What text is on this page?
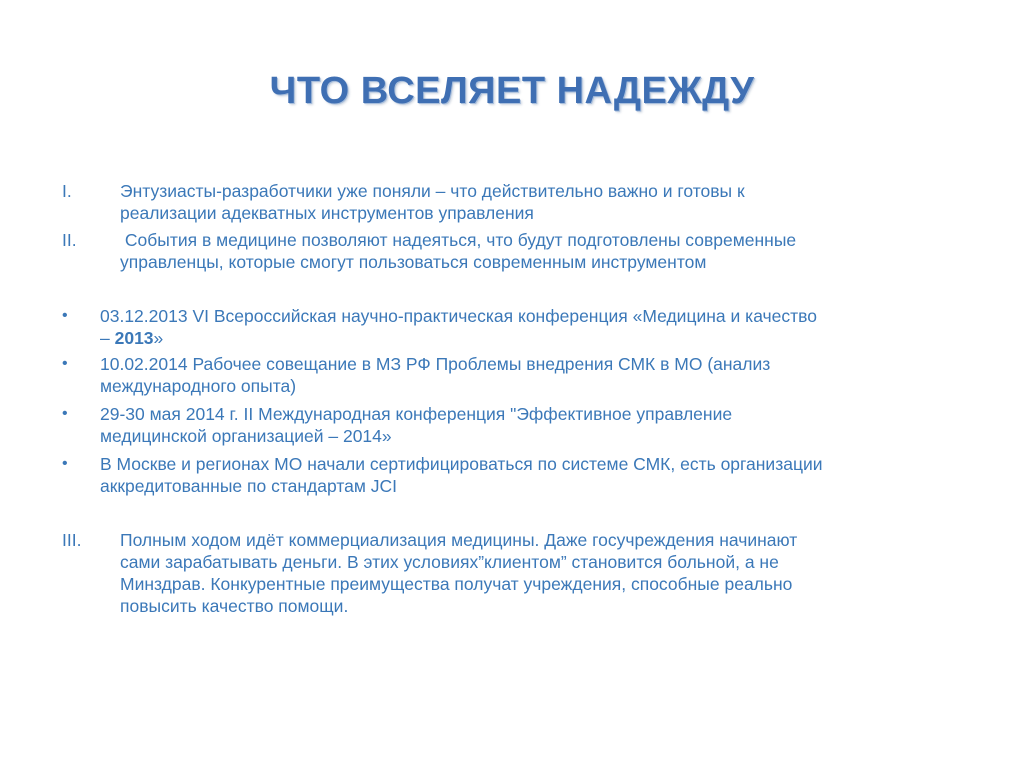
ЧТО ВСЕЛЯЕТ НАДЕЖДУ
I.	Энтузиасты-разработчики уже поняли – что действительно важно и готовы к
реализации адекватных инструментов управления
II. События в медицине позволяют надеяться, что будут подготовлены современные
управленцы, которые смогут пользоваться современным инструментом
• 03.12.2013 VI Всероссийская научно-практическая конференция «Медицина и качество
– 2013»
• 10.02.2014 Рабочее совещание в МЗ РФ Проблемы внедрения СМК в МО (анализ
международного опыта)
• 29-30 мая 2014 г. II Международная конференция "Эффективное управление
медицинской организацией – 2014»
• В Москве и регионах МО начали сертифицироваться по системе СМК, есть организации
аккредитованные по стандартам JCI
III. Полным ходом идёт коммерциализация медицины. Даже госучреждения начинают
сами зарабатывать деньги. В этих условиях”клиентом” становится больной, а не
Минздрав. Конкурентные преимущества получат учреждения, способные реально
повысить качество помощи.
